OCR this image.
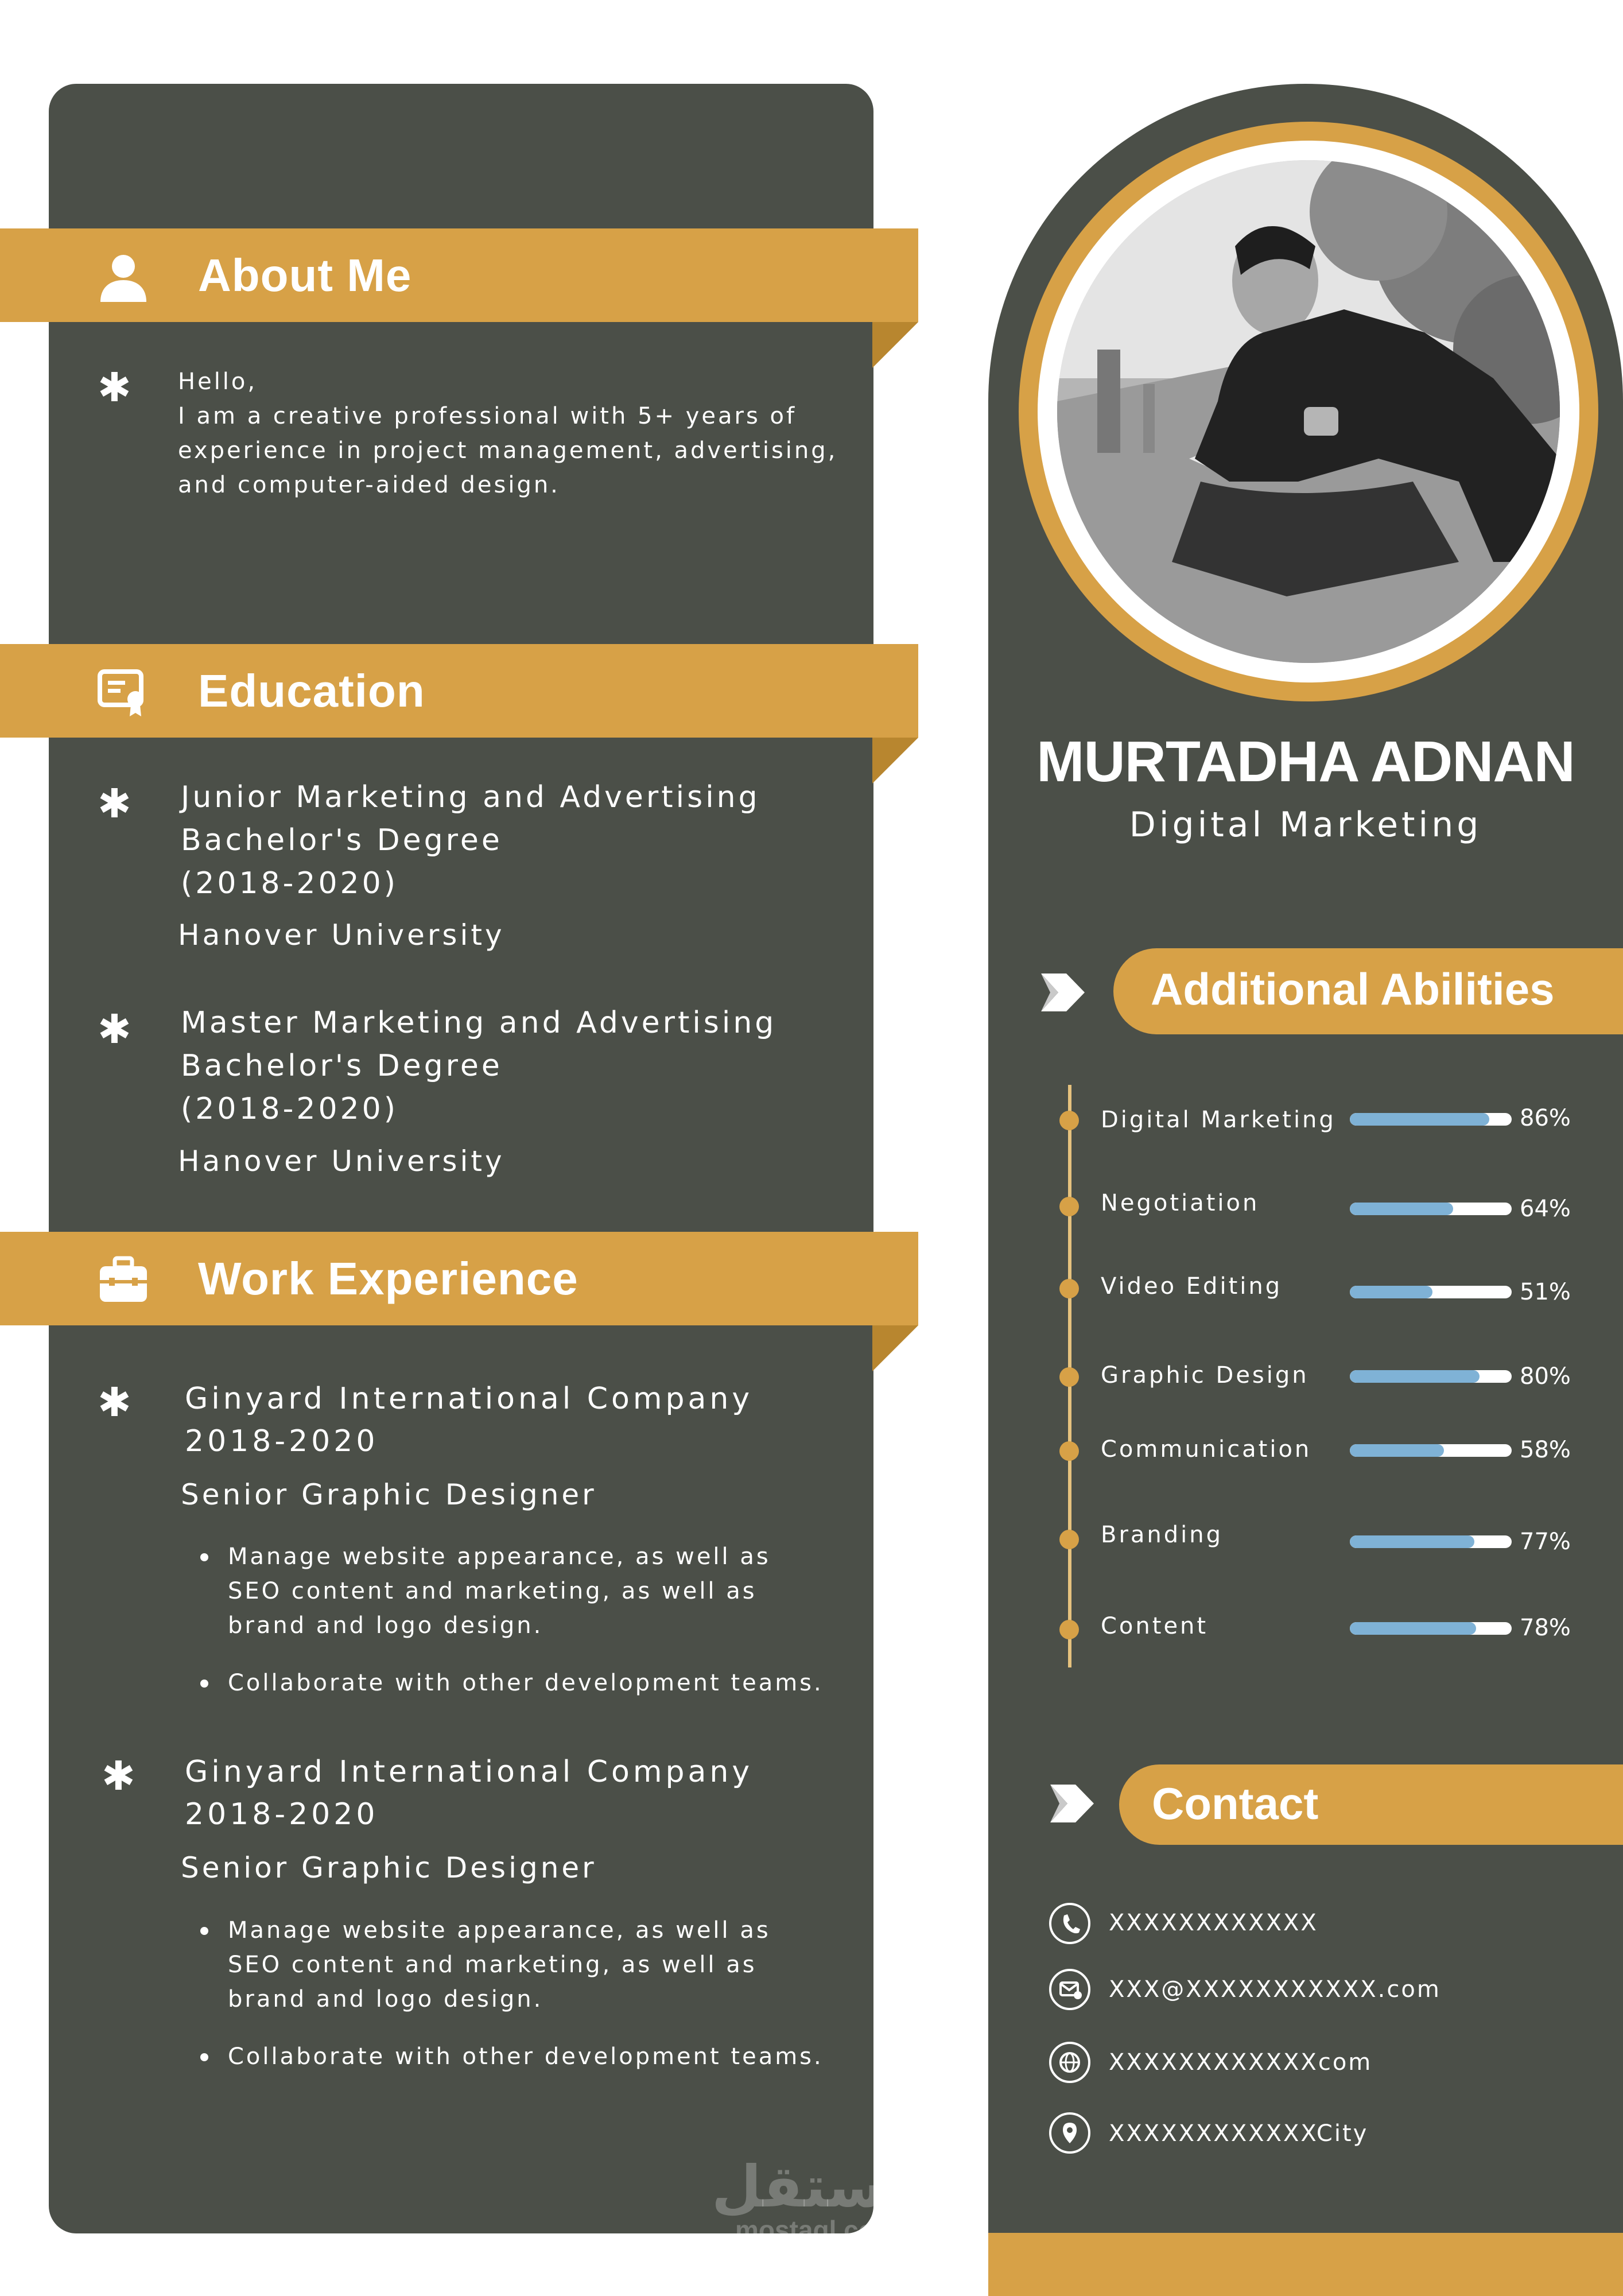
About Me
✱ Hello,
I am a creative professional with 5+ years of
experience in project management, advertising,
and computer-aided design.
Education
✱ Junior Marketing and Advertising
Bachelor's Degree
(2018-2020)
Hanover University
✱ Master Marketing and Advertising
Bachelor's Degree
(2018-2020)
Hanover University
Work Experience
✱ Ginyard International Company
2018-2020
Senior Graphic Designer
Manage website appearance, as well as SEO content and marketing, as well as brand and logo design.
Collaborate with other development teams.
✱ Ginyard International Company
2018-2020
Senior Graphic Designer
Manage website appearance, as well as SEO content and marketing, as well as brand and logo design.
Collaborate with other development teams.
مستقل
mostaql.com
MURTADHA ADNAN
Digital Marketing
Additional Abilities
Digital Marketing	86%
Negotiation	64%
Video Editing	51%
Graphic Design	80%
Communication	58%
Branding	77%
Content	78%
Contact
XXXXXXXXXXXX
XXX@XXXXXXXXXXX.com
XXXXXXXXXXXXcom
XXXXXXXXXXXXCity
